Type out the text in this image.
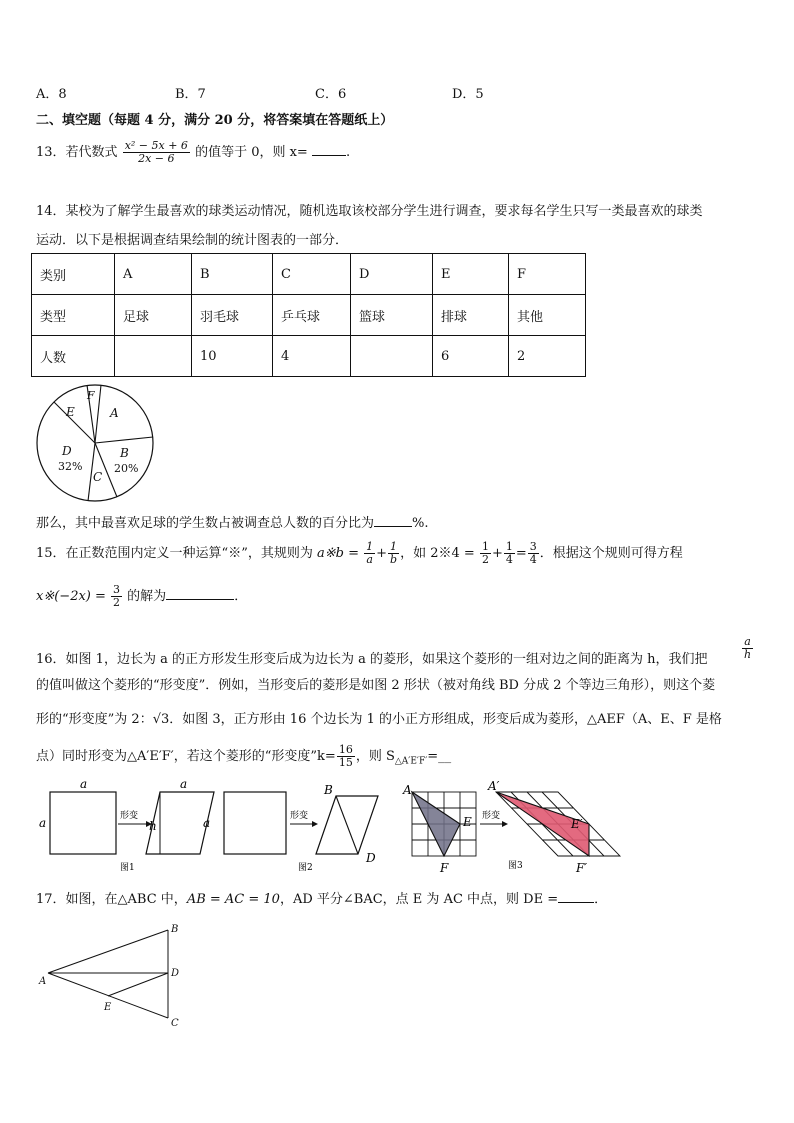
A．8	B．7	C．6	D．5
二、填空题（每题 4 分，满分 20 分，将答案填在答题纸上）
13．若代数式 $\frac{\text{x² − 5x + 6}}{2x - 6}$ 的值等于 0，则 x=	.
14．某校为了解学生最喜欢的球类运动情况，随机选取该校部分学生进行调查，要求每名学生只写一类最喜欢的球类
运动．以下是根据调查结果绘制的统计图表的一部分．
类别	A	B	C	D	E	F
类型	足球	羽毛球	乒乓球	篮球	排球	其他
人数		10	4		6	2
A
B
20%
C
D
32%
E
F
那么，其中最喜欢足球的学生数占被调查总人数的百分比为	%.
15．在正数范围内定义一种运算“※”，其规则为 a※b = $\frac{1}{a} + \frac{1}{b}$ ，如 2※4 = $\frac{1}{2} + \frac{1}{4} = \frac{3}{4}$ ．根据这个规则可得方程
x※(−2x) = $\frac{3}{2}$ 的解为	．
16．如图 1，边长为 a 的正方形发生形变后成为边长为 a 的菱形，如果这个菱形的一组对边之间的距离为 h，我们把	$\frac{a}{h}$
的值叫做这个菱形的“形变度”．例如，当形变后的菱形是如图 2 形状（被对角线 BD 分成 2 个等边三角形），则这个菱
形的“形变度”为 2：√3．如图 3，正方形由 16 个边长为 1 的小正方形组成，形变后成为菱形，△AEF（A、E、F 是格
点）同时形变为△A′E′F′，若这个菱形的“形变度”k= $\frac{16}{15}$ ，则 $S_{\triangle A'E'F'}=\_\_$
a
a	形变
a
h	a
图1
形变
B
D
图2
A
E
F
形变
A′
E′
F′
图3
17．如图，在△ABC 中，AB = AC = 10，AD 平分∠BAC，点 E 为 AC 中点，则 DE =	．
A
B
C
D
E
